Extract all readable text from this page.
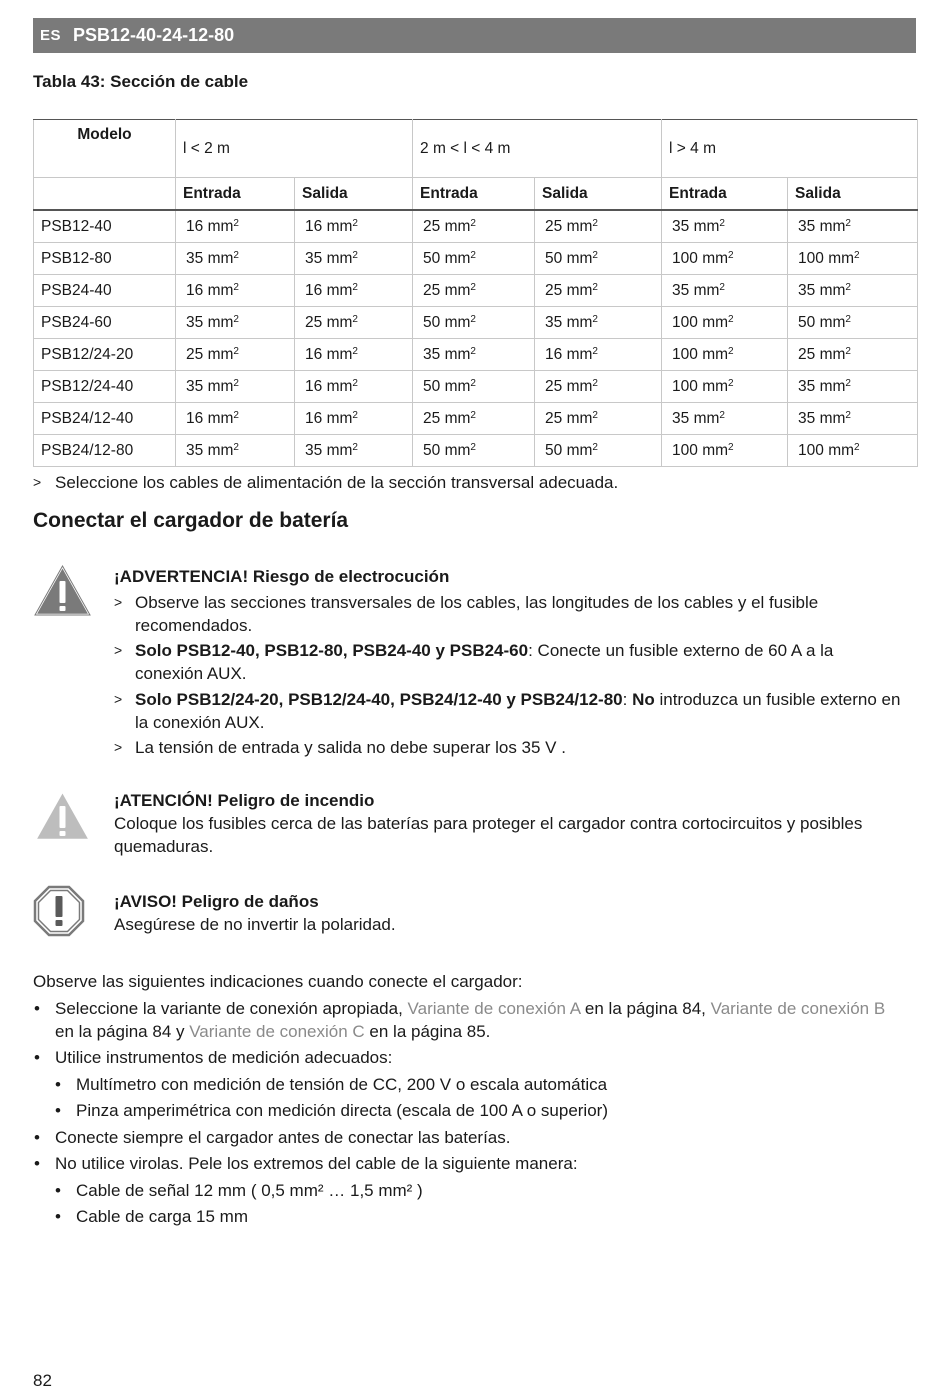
ES PSB12-40-24-12-80
Tabla 43: Sección de cable
Modelo	l < 2 m		2 m < l < 4 m		l > 4 m	
	Entrada	Salida	Entrada	Salida	Entrada	Salida
PSB12-40	16 $mm^2$	16 $mm^2$	25 $mm^2$	25 $mm^2$	35 $mm^2$	35 $mm^2$
PSB12-80	35 $mm^2$	35 $mm^2$	50 $mm^2$	50 $mm^2$	100 $mm^2$	100 $mm^2$
PSB24-40	16 $mm^2$	16 $mm^2$	25 $mm^2$	25 $mm^2$	35 $mm^2$	35 $mm^2$
PSB24-60	35 $mm^2$	25 $mm^2$	50 $mm^2$	35 $mm^2$	100 $mm^2$	50 $mm^2$
PSB12/24-20	25 $mm^2$	16 $mm^2$	35 $mm^2$	16 $mm^2$	100 $mm^2$	25 $mm^2$
PSB12/24-40	35 $mm^2$	16 $mm^2$	50 $mm^2$	25 $mm^2$	100 $mm^2$	35 $mm^2$
PSB24/12-40	16 $mm^2$	16 $mm^2$	25 $mm^2$	25 $mm^2$	35 $mm^2$	35 $mm^2$
PSB24/12-80	35 $mm^2$	35 $mm^2$	50 $mm^2$	50 $mm^2$	100 $mm^2$	100 $mm^2$
> Seleccione los cables de alimentación de la sección transversal adecuada.
Conectar el cargador de batería
¡ADVERTENCIA! Riesgo de electrocución
> Observe las secciones transversales de los cables, las longitudes de los cables y el fusible recomendados.
> Solo PSB12-40, PSB12-80, PSB24-40 y PSB24-60: Conecte un fusible externo de 60 A a la conexión AUX.
> Solo PSB12/24-20, PSB12/24-40, PSB24/12-40 y PSB24/12-80: No introduzca un fusible externo en la conexión AUX.
> La tensión de entrada y salida no debe superar los 35 V .
¡ATENCIÓN! Peligro de incendio
Coloque los fusibles cerca de las baterías para proteger el cargador contra cortocircuitos y posibles quemaduras.
¡AVISO! Peligro de daños
Asegúrese de no invertir la polaridad.
Observe las siguientes indicaciones cuando conecte el cargador:
• Seleccione la variante de conexión apropiada, Variante de conexión A en la página 84, Variante de conexión B en la página 84 y Variante de conexión C en la página 85.
• Utilice instrumentos de medición adecuados:
• Multímetro con medición de tensión de CC, 200 V o escala automática
• Pinza amperimétrica con medición directa (escala de 100 A o superior)
• Conecte siempre el cargador antes de conectar las baterías.
• No utilice virolas. Pele los extremos del cable de la siguiente manera:
• Cable de señal 12 mm ( 0,5 mm² … 1,5 mm² )
• Cable de carga 15 mm
82
